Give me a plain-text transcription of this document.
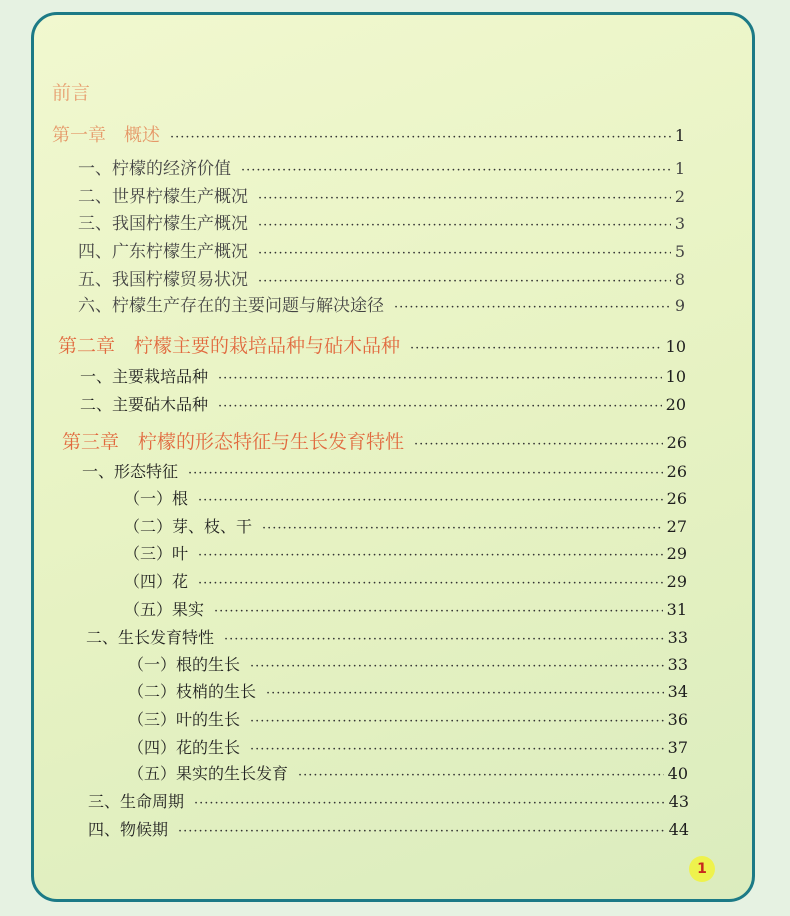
前言
第一章　概述 ·····	1
一、柠檬的经济价值 ·····	1
二、世界柠檬生产概况 ·····	2
三、我国柠檬生产概况 ·····	3
四、广东柠檬生产概况 ·····	5
五、我国柠檬贸易状况 ·····	8
六、柠檬生产存在的主要问题与解决途径 ·····	9
第二章　柠檬主要的栽培品种与砧木品种 ·····	10
一、主要栽培品种 ·····	10
二、主要砧木品种 ·····	20
第三章　柠檬的形态特征与生长发育特性 ·····	26
一、形态特征 ·····	26
（一）根 ·····	26
（二）芽、枝、干 ·····	27
（三）叶 ·····	29
（四）花 ·····	29
（五）果实 ·····	31
二、生长发育特性 ·····	33
（一）根的生长 ·····	33
（二）枝梢的生长 ·····	34
（三）叶的生长 ·····	36
（四）花的生长 ·····	37
（五）果实的生长发育 ·····	40
三、生命周期 ·····	43
四、物候期 ·····	44
1
